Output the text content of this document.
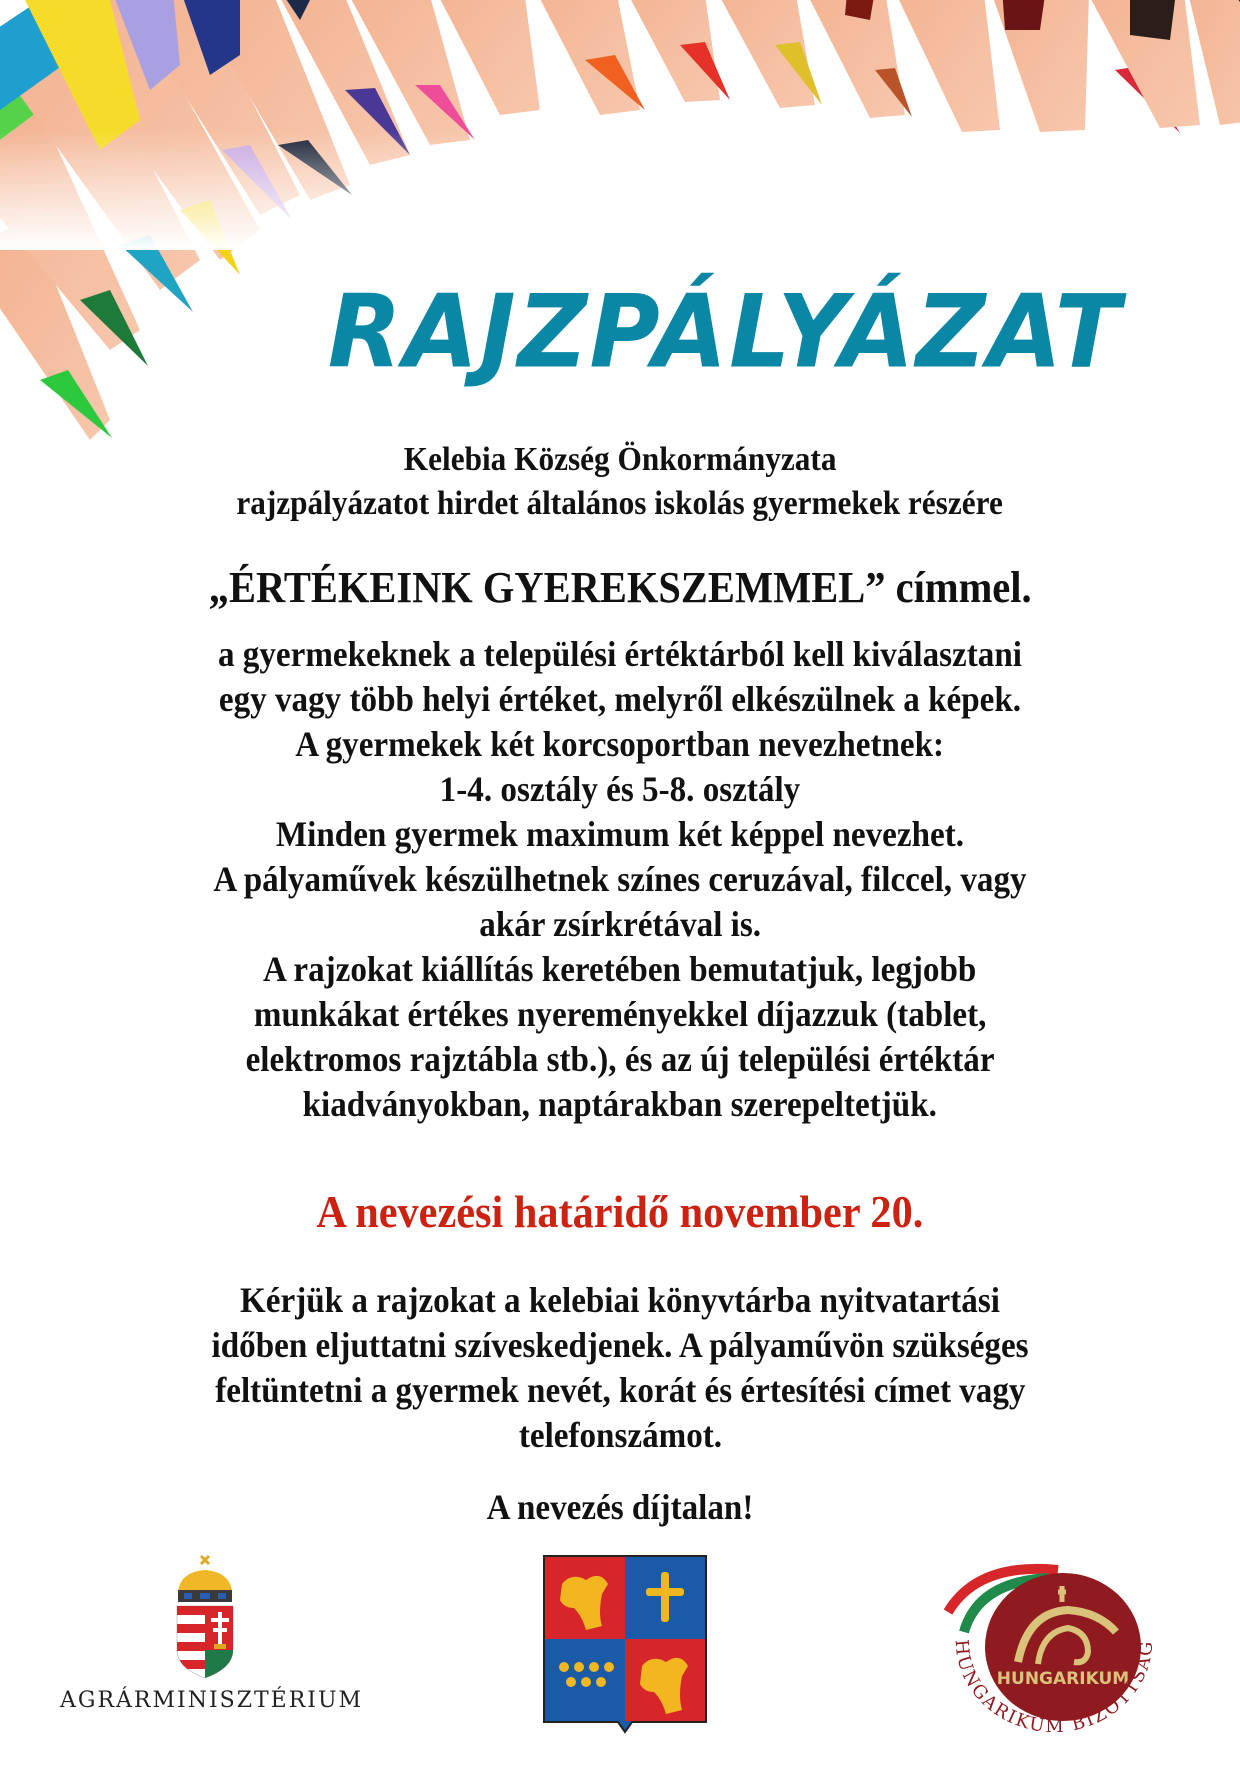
RAJZPÁLYÁZAT
Kelebia Község Önkormányzata
rajzpályázatot hirdet általános iskolás gyermekek részére
„ÉRTÉKEINK GYEREKSZEMMEL” címmel.
a gyermekeknek a települési értéktárból kell kiválasztani
egy vagy több helyi értéket, melyről elkészülnek a képek.
A gyermekek két korcsoportban nevezhetnek:
1-4. osztály és 5-8. osztály
Minden gyermek maximum két képpel nevezhet.
A pályaművek készülhetnek színes ceruzával, filccel, vagy
akár zsírkrétával is.
A rajzokat kiállítás keretében bemutatjuk, legjobb
munkákat értékes nyereményekkel díjazzuk (tablet,
elektromos rajztábla stb.), és az új települési értéktár
kiadványokban, naptárakban szerepeltetjük.
A nevezési határidő november 20.
Kérjük a rajzokat a kelebiai könyvtárba nyitvatartási
időben eljuttatni szíveskedjenek. A pályaművön szükséges
feltüntetni a gyermek nevét, korát és értesítési címet vagy
telefonszámot.
A nevezés díjtalan!
AGRÁRMINISZTÉRIUM
HUNGARIKUM
HUNGARIKUM BIZOTTSÁG
